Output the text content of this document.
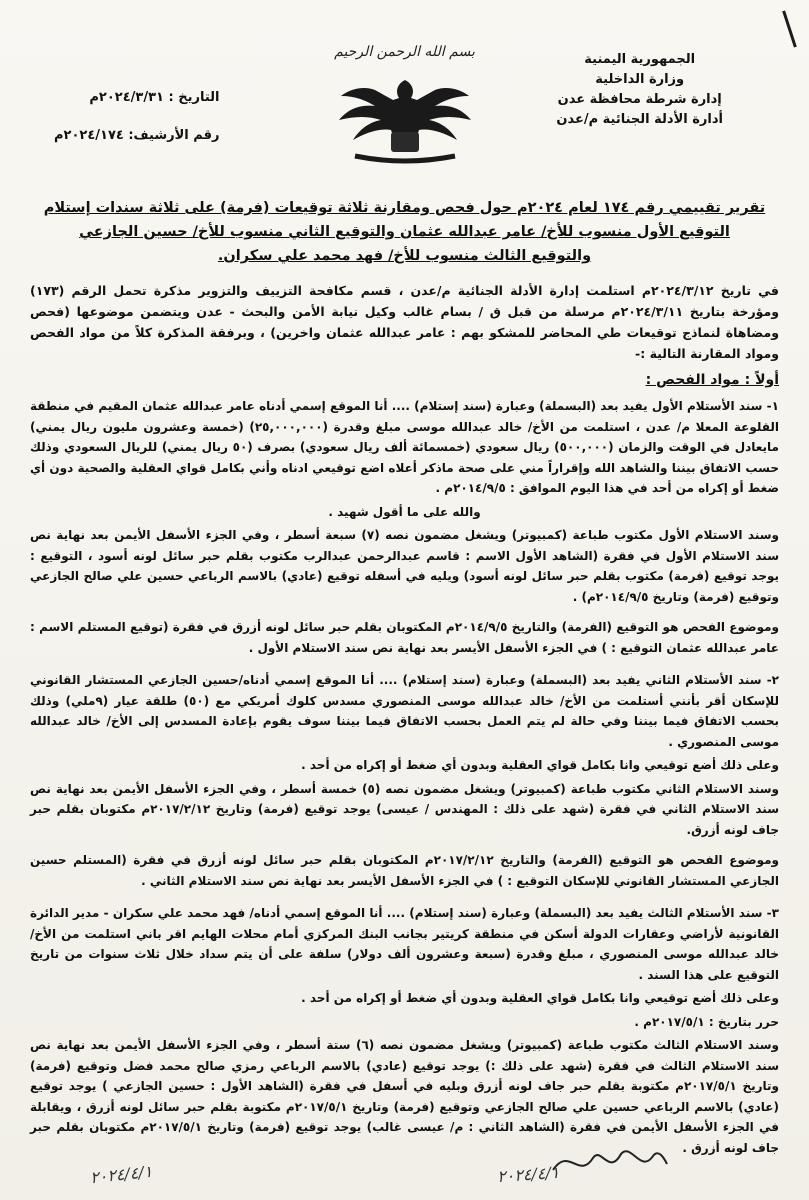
الجمهورية اليمنية
وزارة الداخلية
إدارة شرطة محافظة عدن
أدارة الأدلة الجنائية م/عدن
بسم الله الرحمن الرحيم
التاريخ : ٢٠٢٤/٣/٣١م
رقم الأرشيف: ٢٠٢٤/١٧٤م
تقرير تقييمي رقم ١٧٤ لعام ٢٠٢٤م حول فحص ومقارنة ثلاثة توقيعات (فرمة) على ثلاثة سندات إستلام
التوقيع الأول منسوب للأخ/ عامر عبدالله عثمان والتوقيع الثاني منسوب للأخ/ حسين الجازعي
والتوقيع الثالث منسوب للأخ/ فهد محمد علي سكران.

في تاريخ ٢٠٢٤/٣/١٢م استلمت إدارة الأدلة الجنائية م/عدن ، قسم مكافحة التزييف والتزوير مذكرة تحمل الرقم (١٧٣) ومؤرخة بتاريخ ٢٠٢٤/٣/١١م مرسلة من قبل ق / بسام غالب وكيل نيابة الأمن والبحث - عدن ويتضمن موضوعها (فحص ومضاهاة لنماذج توقيعات طي المحاضر للمشكو بهم : عامر عبدالله عثمان واخرين) ، وبرفقة المذكرة كلاً من مواد الفحص ومواد المقارنة التالية :-

أولاً : مواد الفحص :

١- سند الأستلام الأول يفيد بعد (البسملة) وعبارة (سند إستلام) .... أنا الموقع إسمي أدناه عامر عبدالله عثمان المقيم في منطقة القلوعة المعلا م/ عدن ، استلمت من الأخ/ خالد عبدالله موسى مبلغ وقدرة (٢٥,٠٠٠,٠٠٠) (خمسة وعشرون مليون ريال يمني) مايعادل في الوقت والزمان (٥٠٠,٠٠٠) ريال سعودي (خمسمائة ألف ريال سعودي) بصرف (٥٠ ريال يمني) للريال السعودي وذلك حسب الاتفاق بيننا والشاهد الله وإقراراً مني على صحة ماذكر أعلاه اضع توقيعي ادناه وأني بكامل قواي العقلية والصحية دون أي ضغط أو إكراه من أحد في هذا اليوم الموافق : ٢٠١٤/٩/٥م .

والله على ما أقول شهيد .

وسند الاستلام الأول مكتوب طباعة (كمبيوتر) ويشغل مضمون نصه (٧) سبعة أسطر ، وفي الجزء الأسفل الأيمن بعد نهاية نص سند الاستلام الأول في فقرة (الشاهد الأول الاسم : قاسم عبدالرحمن عبدالرب مكتوب بقلم حبر سائل لونه أسود ، التوقيع : يوجد توقيع (فرمة) مكتوب بقلم حبر سائل لونه أسود) ويليه في أسفله توقيع (عادي) بالاسم الرباعي حسين علي صالح الجازعي وتوقيع (فرمة) وتاريخ ٢٠١٤/٩/٥م) .

وموضوع الفحص هو التوقيع (الفرمة) والتاريخ ٢٠١٤/٩/٥م المكتوبان بقلم حبر سائل لونه أزرق في فقرة (توقيع المستلم الاسم : عامر عبدالله عثمان التوقيع : ) في الجزء الأسفل الأيسر بعد نهاية نص سند الاستلام الأول .

٢- سند الأستلام الثاني يفيد بعد (البسملة) وعبارة (سند إستلام) .... أنا الموقع إسمي أدناه/حسين الجازعي المستشار القانوني للإسكان أقر بأنني أستلمت من الأخ/ خالد عبدالله موسى المنصوري مسدس كلوك أمريكي مع (٥٠) طلقة عيار (٩ملي) وذلك بحسب الاتفاق فيما بيننا وفي حالة لم يتم العمل بحسب الاتفاق فيما بيننا سوف يقوم بإعادة المسدس إلى الأخ/ خالد عبدالله موسى المنصوري .

وعلى ذلك أضع توقيعي وانا بكامل قواي العقلية وبدون أي ضغط أو إكراه من أحد .

وسند الاستلام الثاني مكتوب طباعة (كمبيوتر) ويشغل مضمون نصه (٥) خمسة أسطر ، وفي الجزء الأسفل الأيمن بعد نهاية نص سند الاستلام الثاني في فقرة (شهد على ذلك : المهندس / عيسى) يوجد توقيع (فرمة) وتاريخ ٢٠١٧/٢/١٢م مكتوبان بقلم حبر جاف لونه أزرق.

وموضوع الفحص هو التوقيع (الفرمة) والتاريخ ٢٠١٧/٢/١٢م المكتوبان بقلم حبر سائل لونه أزرق في فقرة (المستلم حسين الجازعي المستشار القانوني للإسكان التوقيع : ) في الجزء الأسفل الأيسر بعد نهاية نص سند الاستلام الثاني .

٣- سند الأستلام الثالث يفيد بعد (البسملة) وعبارة (سند إستلام) .... أنا الموقع إسمي أدناه/ فهد محمد علي سكران - مدير الدائرة القانونية لأراضي وعقارات الدولة أسكن في منطقة كريتير بجانب البنك المركزي أمام محلات الهايم اقر باني استلمت من الأخ/ خالد عبدالله موسى المنصوري ، مبلغ وقدرة (سبعة وعشرون ألف دولار) سلفة على أن يتم سداد خلال ثلاث سنوات من تاريخ التوقيع على هذا السند .

وعلى ذلك أضع توقيعي وانا بكامل قواي العقلية وبدون أي ضغط أو إكراه من أحد .

حرر بتاريخ : ٢٠١٧/٥/١م .

وسند الاستلام الثالث مكتوب طباعة (كمبيوتر) ويشغل مضمون نصه (٦) ستة أسطر ، وفي الجزء الأسفل الأيمن بعد نهاية نص سند الاستلام الثالث في فقرة (شهد على ذلك :) يوجد توقيع (عادي) بالاسم الرباعي رمزي صالح محمد فضل وتوقيع (فرمة) وتاريخ ٢٠١٧/٥/١م مكتوبة بقلم حبر جاف لونه أزرق وبليه في أسفل في فقرة (الشاهد الأول : حسين الجازعي ) يوجد توقيع (عادي) بالاسم الرباعي حسين علي صالح الجازعي وتوقيع (فرمة) وتاريخ ٢٠١٧/٥/١م مكتوبة بقلم حبر سائل لونه أزرق ، ويقابلة في الجزء الأسفل الأيمن في فقرة (الشاهد الثاني : م/ عيسى غالب) يوجد توقيع (فرمة) وتاريخ ٢٠١٧/٥/١م مكتوبان بقلم حبر جاف لونه أزرق .

٢٠٢٤/٤/١
٢٠٢٤/٤/١
